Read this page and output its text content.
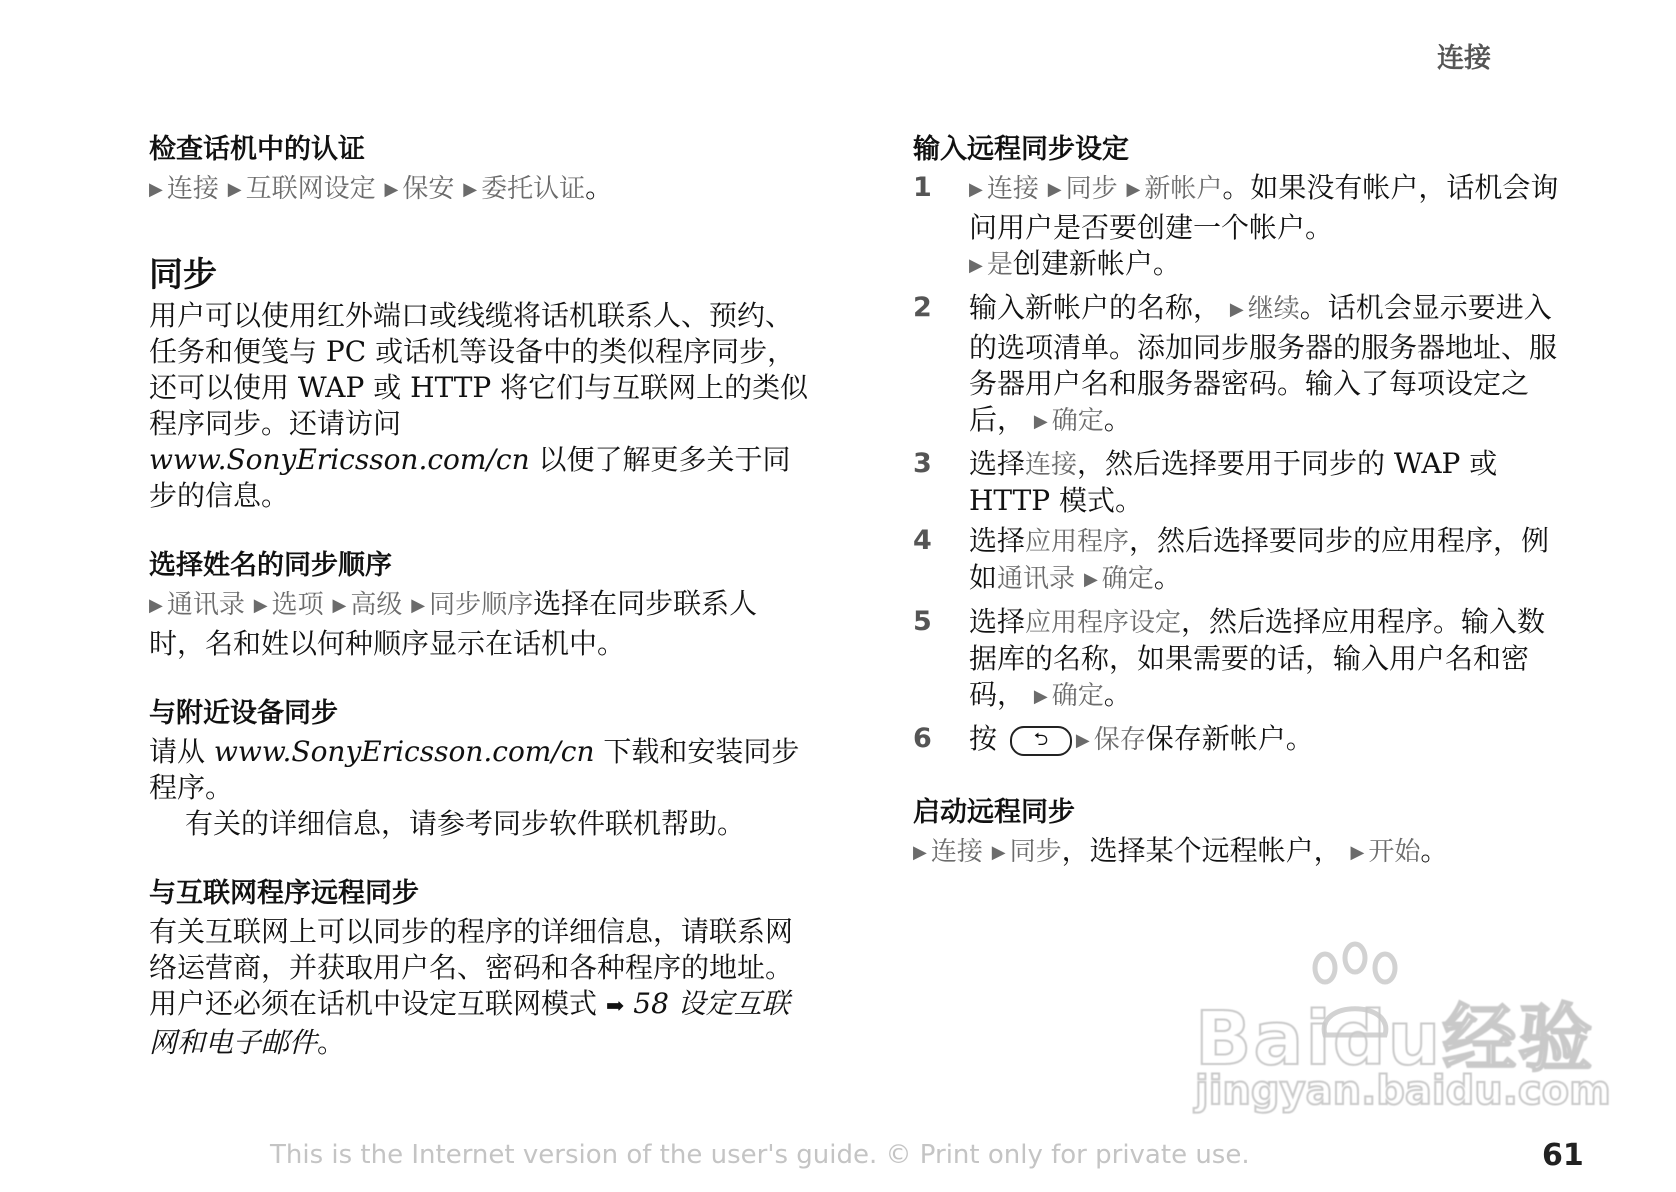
连接
检查话机中的认证

▶ 连接 ▶ 互联网设定 ▶ 保安 ▶ 委托认证。

同步

用户可以使用红外端口或线缆将话机联系人、预约、任务和便笺与 PC 或话机等设备中的类似程序同步，还可以使用 WAP 或 HTTP 将它们与互联网上的类似程序同步。还请访问
www.SonyEricsson.com/cn 以便了解更多关于同步的信息。

选择姓名的同步顺序

▶ 通讯录 ▶ 选项 ▶ 高级 ▶ 同步顺序选择在同步联系人时，名和姓以何种顺序显示在话机中。

与附近设备同步

请从 www.SonyEricsson.com/cn 下载和安装同步程序。

有关的详细信息，请参考同步软件联机帮助。

与互联网程序远程同步

有关互联网上可以同步的程序的详细信息，请联系网络运营商，并获取用户名、密码和各种程序的地址。用户还必须在话机中设定互联网模式 ➡ 58 设定互联网和电子邮件。

输入远程同步设定
1 ▶ 连接 ▶ 同步 ▶ 新帐户。如果没有帐户，话机会询问用户是否要创建一个帐户。
▶ 是创建新帐户。
2 输入新帐户的名称， ▶ 继续。话机会显示要进入的选项清单。添加同步服务器的服务器地址、服务器用户名和服务器密码。输入了每项设定之后， ▶ 确定。
3 选择连接，然后选择要用于同步的 WAP 或 HTTP 模式。
4 选择应用程序，然后选择要同步的应用程序，例如通讯录 ▶ 确定。
5 选择应用程序设定，然后选择应用程序。输入数据库的名称，如果需要的话，输入用户名和密码， ▶ 确定。
6 按 ⮌ ▶ 保存保存新帐户。
启动远程同步

▶ 连接 ▶ 同步，选择某个远程帐户， ▶ 开始。

Baidu经验
jingyan.baidu.com
This is the Internet version of the user's guide. © Print only for private use.	61
